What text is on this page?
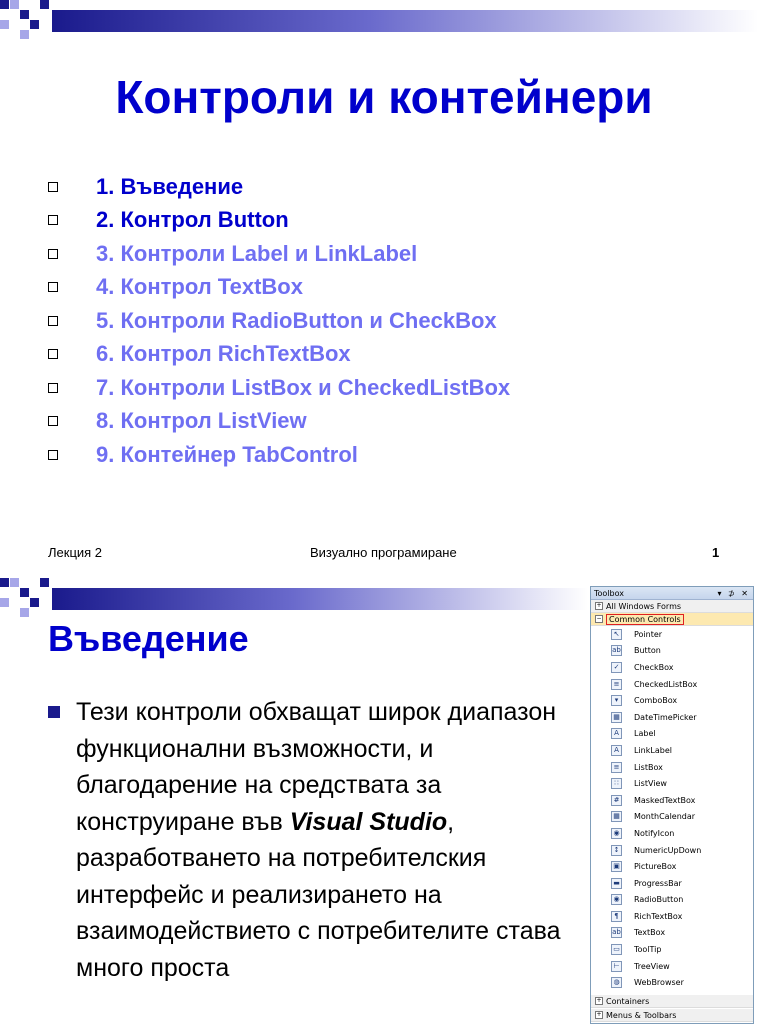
Контроли и контейнери
1. Въведение
2. Контрол Button
3. Контроли Label и LinkLabel
4. Контрол TextBox
5. Контроли RadioButton и CheckBox
6. Контрол RichTextBox
7. Контроли ListBox и CheckedListBox
8. Контрол ListView
9. Контейнер TabControl
Лекция 2	Визуално програмиране	1
Въведение
Тези контроли обхващат широк диапазон функционални възможности, и благодарение на средствата за конструиране във Visual Studio, разработването на потребителския интерфейс и реализирането на взаимодействието с потребителите става много проста
Toolbox	▾ ⊅ ✕
+ All Windows Forms
− Common Controls
↖	Pointer
ab Button
✓	CheckBox
≡	CheckedListBox
▾	ComboBox
▦ DateTimePicker
A	Label
A	LinkLabel
≡	ListBox
∷	ListView
#	MaskedTextBox
▦ MonthCalendar
◉	NotifyIcon
↕	NumericUpDown
▣ PictureBox
▬ ProgressBar
◉	RadioButton
¶	RichTextBox
ab TextBox
▭ ToolTip
⊢	TreeView
◍	WebBrowser
+ Containers
+ Menus & Toolbars
